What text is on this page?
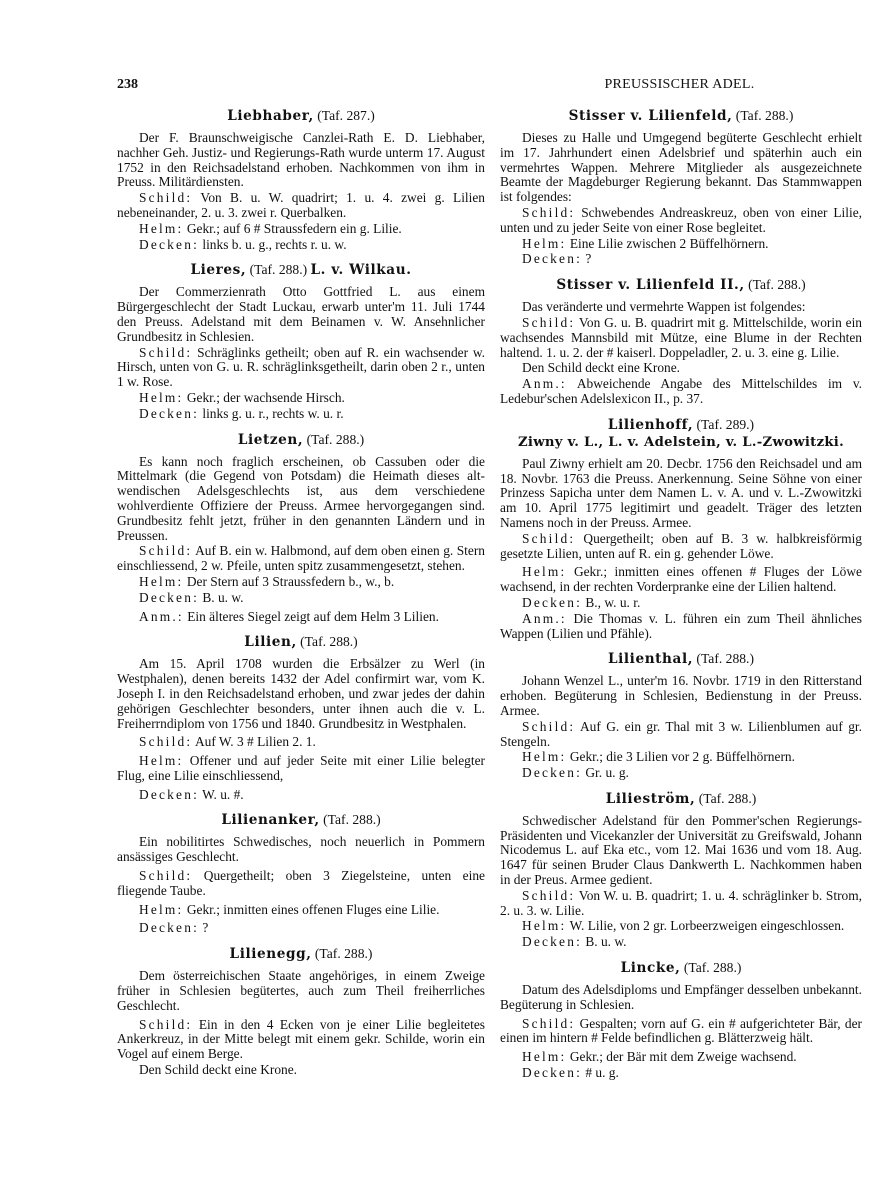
238	PREUSSISCHER ADEL.
Liebhaber, (Taf. 287.)

Der F. Braunschweigische Canzlei-Rath E. D. Liebhaber, nachher Geh. Justiz- und Regierungs-Rath wurde unterm 17. August 1752 in den Reichsadelstand erhoben. Nachkommen von ihm in Preuss. Militärdiensten.

Schild: Von B. u. W. quadrirt; 1. u. 4. zwei g. Lilien nebeneinander, 2. u. 3. zwei r. Querbalken.

Helm: Gekr.; auf 6 # Straussfedern ein g. Lilie.

Decken: links b. u. g., rechts r. u. w.

Lieres, (Taf. 288.) L. v. Wilkau.

Der Commerzienrath Otto Gottfried L. aus einem Bürgergeschlecht der Stadt Luckau, erwarb unter'm 11. Juli 1744 den Preuss. Adelstand mit dem Beinamen v. W. Ansehnlicher Grundbesitz in Schlesien.

Schild: Schräglinks getheilt; oben auf R. ein wachsender w. Hirsch, unten von G. u. R. schräglinksgetheilt, darin oben 2 r., unten 1 w. Rose.

Helm: Gekr.; der wachsende Hirsch.

Decken: links g. u. r., rechts w. u. r.

Lietzen, (Taf. 288.)

Es kann noch fraglich erscheinen, ob Cassuben oder die Mittelmark (die Gegend von Potsdam) die Heimath dieses alt-wendischen Adelsgeschlechts ist, aus dem verschiedene wohlverdiente Offiziere der Preuss. Armee hervorgegangen sind. Grundbesitz fehlt jetzt, früher in den genannten Ländern und in Preussen.

Schild: Auf B. ein w. Halbmond, auf dem oben einen g. Stern einschliessend, 2 w. Pfeile, unten spitz zusammengesetzt, stehen.

Helm: Der Stern auf 3 Straussfedern b., w., b.

Decken: B. u. w.

Anm.: Ein älteres Siegel zeigt auf dem Helm 3 Lilien.

Lilien, (Taf. 288.)

Am 15. April 1708 wurden die Erbsälzer zu Werl (in Westphalen), denen bereits 1432 der Adel confirmirt war, vom K. Joseph I. in den Reichsadelstand erhoben, und zwar jedes der dahin gehörigen Geschlechter besonders, unter ihnen auch die v. L. Freiherrndiplom von 1756 und 1840. Grundbesitz in Westphalen.

Schild: Auf W. 3 # Lilien 2. 1.

Helm: Offener und auf jeder Seite mit einer Lilie belegter Flug, eine Lilie einschliessend,

Decken: W. u. #.

Lilienanker, (Taf. 288.)

Ein nobilitirtes Schwedisches, noch neuerlich in Pommern ansässiges Geschlecht.

Schild: Quergetheilt; oben 3 Ziegelsteine, unten eine fliegende Taube.

Helm: Gekr.; inmitten eines offenen Fluges eine Lilie.

Decken: ?

Lilienegg, (Taf. 288.)

Dem österreichischen Staate angehöriges, in einem Zweige früher in Schlesien begütertes, auch zum Theil freiherrliches Geschlecht.

Schild: Ein in den 4 Ecken von je einer Lilie begleitetes Ankerkreuz, in der Mitte belegt mit einem gekr. Schilde, worin ein Vogel auf einem Berge.

Den Schild deckt eine Krone.

Stisser v. Lilienfeld, (Taf. 288.)

Dieses zu Halle und Umgegend begüterte Geschlecht erhielt im 17. Jahrhundert einen Adelsbrief und späterhin auch ein vermehrtes Wappen. Mehrere Mitglieder als ausgezeichnete Beamte der Magdeburger Regierung bekannt. Das Stammwappen ist folgendes:

Schild: Schwebendes Andreaskreuz, oben von einer Lilie, unten und zu jeder Seite von einer Rose begleitet.

Helm: Eine Lilie zwischen 2 Büffelhörnern.

Decken: ?

Stisser v. Lilienfeld II., (Taf. 288.)

Das veränderte und vermehrte Wappen ist folgendes:

Schild: Von G. u. B. quadrirt mit g. Mittelschilde, worin ein wachsendes Mannsbild mit Mütze, eine Blume in der Rechten haltend. 1. u. 2. der # kaiserl. Doppeladler, 2. u. 3. eine g. Lilie.

Den Schild deckt eine Krone.

Anm.: Abweichende Angabe des Mittelschildes im v. Ledebur'schen Adelslexicon II., p. 37.

Lilienhoff, (Taf. 289.)
Ziwny v. L., L. v. Adelstein, v. L.-Zwowitzki.

Paul Ziwny erhielt am 20. Decbr. 1756 den Reichsadel und am 18. Novbr. 1763 die Preuss. Anerkennung. Seine Söhne von einer Prinzess Sapicha unter dem Namen L. v. A. und v. L.-Zwowitzki am 10. April 1775 legitimirt und geadelt. Träger des letzten Namens noch in der Preuss. Armee.

Schild: Quergetheilt; oben auf B. 3 w. halbkreisförmig gesetzte Lilien, unten auf R. ein g. gehender Löwe.

Helm: Gekr.; inmitten eines offenen # Fluges der Löwe wachsend, in der rechten Vorderpranke eine der Lilien haltend.

Decken: B., w. u. r.

Anm.: Die Thomas v. L. führen ein zum Theil ähnliches Wappen (Lilien und Pfähle).

Lilienthal, (Taf. 288.)

Johann Wenzel L., unter'm 16. Novbr. 1719 in den Ritterstand erhoben. Begüterung in Schlesien, Bedienstung in der Preuss. Armee.

Schild: Auf G. ein gr. Thal mit 3 w. Lilienblumen auf gr. Stengeln.

Helm: Gekr.; die 3 Lilien vor 2 g. Büffelhörnern.

Decken: Gr. u. g.

Lilieström, (Taf. 288.)

Schwedischer Adelstand für den Pommer'schen Regierungs-Präsidenten und Vicekanzler der Universität zu Greifswald, Johann Nicodemus L. auf Eka etc., vom 12. Mai 1636 und vom 18. Aug. 1647 für seinen Bruder Claus Dankwerth L. Nachkommen haben in der Preus. Armee gedient.

Schild: Von W. u. B. quadrirt; 1. u. 4. schräglinker b. Strom, 2. u. 3. w. Lilie.

Helm: W. Lilie, von 2 gr. Lorbeerzweigen eingeschlossen.

Decken: B. u. w.

Lincke, (Taf. 288.)

Datum des Adelsdiploms und Empfänger desselben unbekannt. Begüterung in Schlesien.

Schild: Gespalten; vorn auf G. ein # aufgerichteter Bär, der einen im hintern # Felde befindlichen g. Blätterzweig hält.

Helm: Gekr.; der Bär mit dem Zweige wachsend.

Decken: # u. g.
